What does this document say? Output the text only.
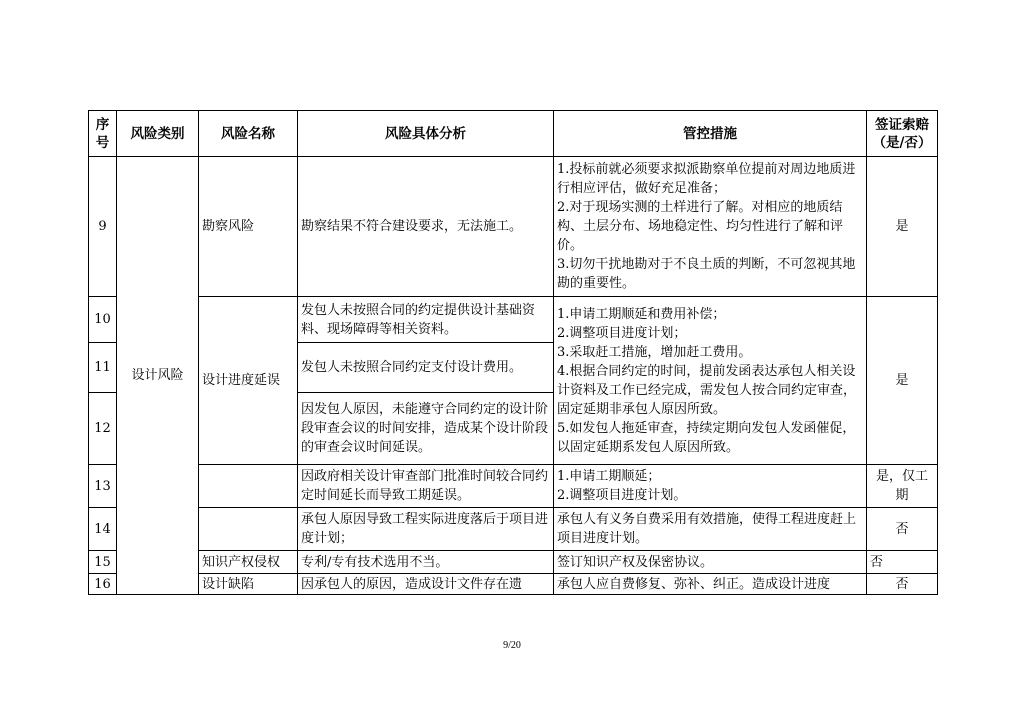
序号	风险类别	风险名称	风险具体分析	管控措施	签证索赔（是/否）
9	设计风险	勘察风险	勘察结果不符合建设要求，无法施工。	1.投标前就必须要求拟派勘察单位提前对周边地质进行相应评估，做好充足准备；
2.对于现场实测的土样进行了解。对相应的地质结构、土层分布、场地稳定性、均匀性进行了解和评价。
3.切勿干扰地勘对于不良土质的判断，不可忽视其地勘的重要性。	是
10		设计进度延误	发包人未按照合同的约定提供设计基础资料、现场障碍等相关资料。	1.申请工期顺延和费用补偿；
2.调整项目进度计划；
3.采取赶工措施，增加赶工费用。
4.根据合同约定的时间，提前发函表达承包人相关设计资料及工作已经完成，需发包人按合同约定审查，固定延期非承包人原因所致。
5.如发包人拖延审查，持续定期向发包人发函催促，以固定延期系发包人原因所致。	是
11			发包人未按照合同约定支付设计费用。		
12			因发包人原因，未能遵守合同约定的设计阶段审查会议的时间安排，造成某个设计阶段的审查会议时间延误。		
13			因政府相关设计审查部门批准时间较合同约定时间延长而导致工期延误。	1.申请工期顺延；
2.调整项目进度计划。	是，仅工期
14			承包人原因导致工程实际进度落后于项目进度计划；	承包人有义务自费采用有效措施，使得工程进度赶上项目进度计划。	否
15		知识产权侵权	专利/专有技术选用不当。	签订知识产权及保密协议。	否
16		设计缺陷	因承包人的原因，造成设计文件存在遗	承包人应自费修复、弥补、纠正。造成设计进度	否
9/20
